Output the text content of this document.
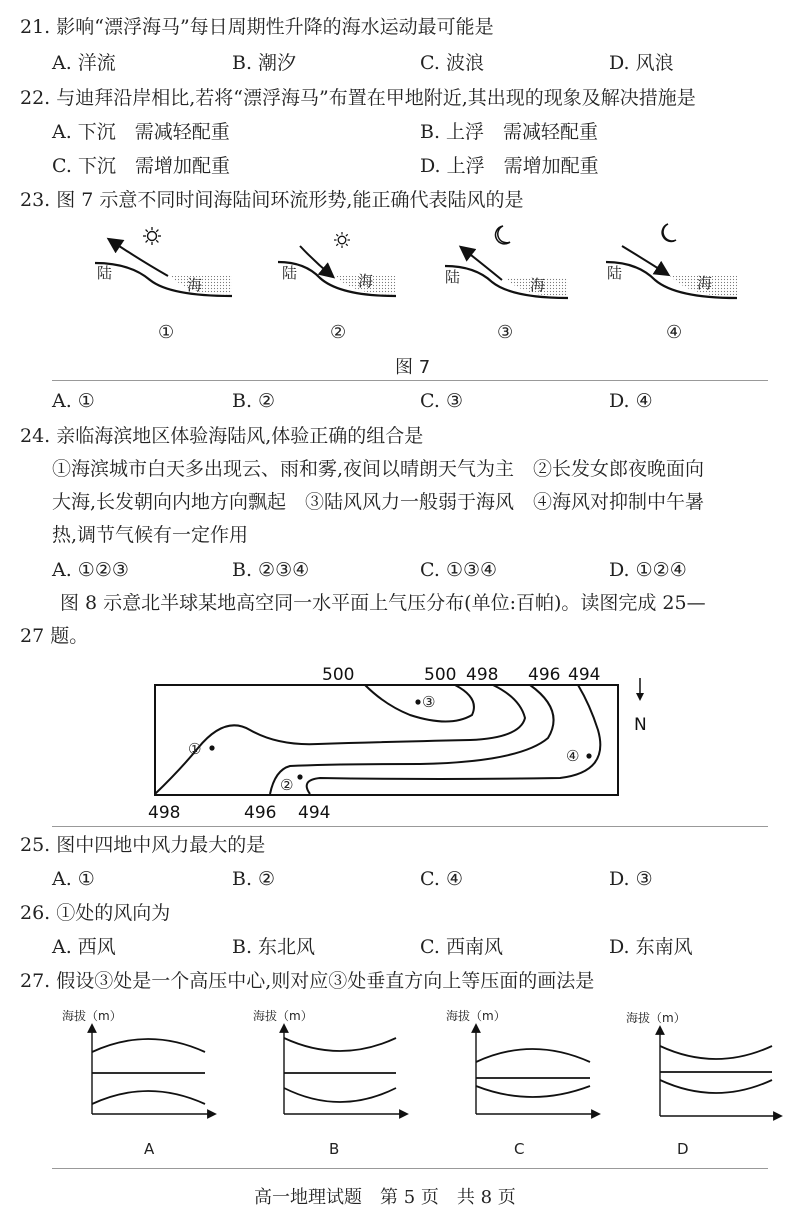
21. 影响“漂浮海马”每日周期性升降的海水运动最可能是
A. 洋流	B. 潮汐	C. 波浪	D. 风浪
22. 与迪拜沿岸相比,若将“漂浮海马”布置在甲地附近,其出现的现象及解决措施是
A. 下沉　需减轻配重	B. 上浮　需减轻配重
C. 下沉　需增加配重	D. 上浮　需增加配重
23. 图 7 示意不同时间海陆间环流形势,能正确代表陆风的是
陆
海
①
陆	海
②
陆	海
③
陆
海
④
图 7
A. ①	B. ②	C. ③	D. ④
24. 亲临海滨地区体验海陆风,体验正确的组合是
①海滨城市白天多出现云、雨和雾,夜间以晴朗天气为主　②长发女郎夜晚面向
大海,长发朝向内地方向飘起　③陆风风力一般弱于海风　④海风对抑制中午暑
热,调节气候有一定作用
A. ①②③	B. ②③④	C. ①③④	D. ①②④
图 8 示意北半球某地高空同一水平面上气压分布(单位:百帕)。读图完成 25—
27 题。
①
②
③
④
500	500 498 496 494
498	496 494
N
25. 图中四地中风力最大的是
A. ①	B. ②	C. ④	D. ③
26. ①处的风向为
A. 西风	B. 东北风	C. 西南风	D. 东南风
27. 假设③处是一个高压中心,则对应③处垂直方向上等压面的画法是
海拔（m）
A
海拔（m）
B
海拔（m）
C
海拔（m）
D
高一地理试题　第 5 页　共 8 页
